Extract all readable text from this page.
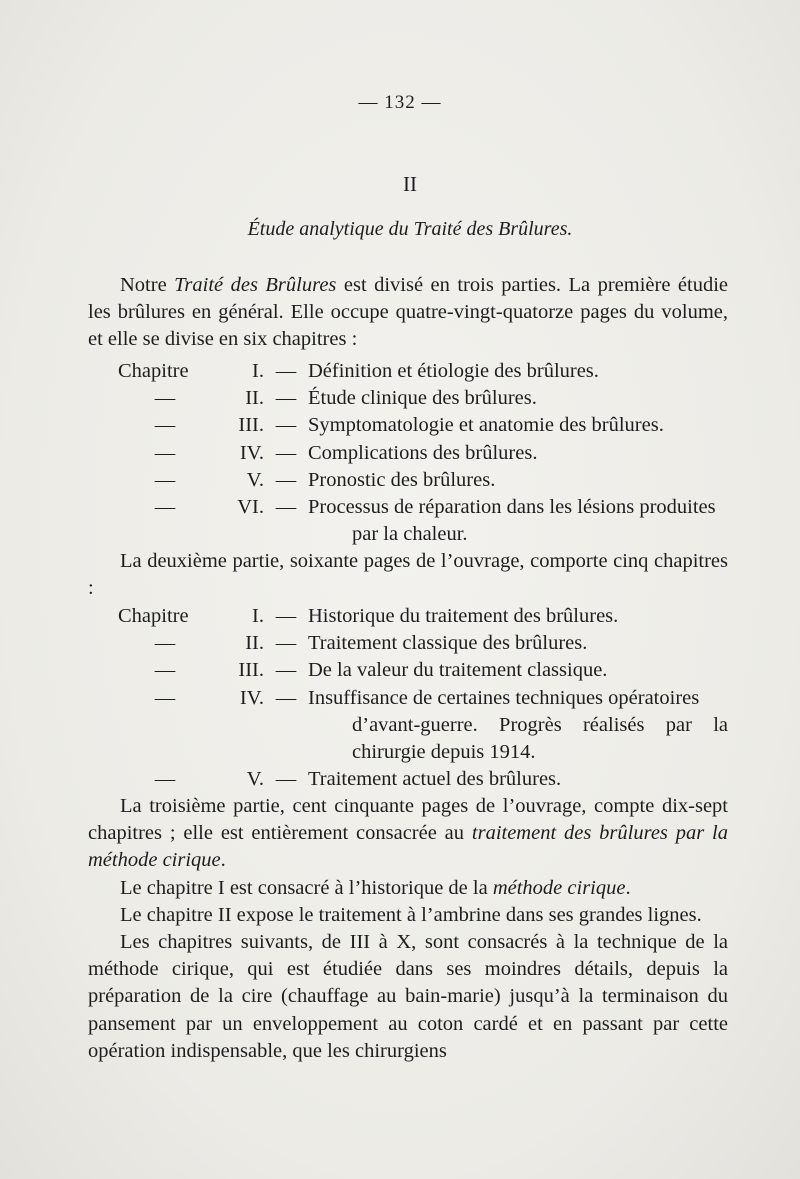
— 132 —
II
Étude analytique du Traité des Brûlures.

Notre Traité des Brûlures est divisé en trois parties. La première étudie les brûlures en général. Elle occupe quatre-vingt-quatorze pages du volume, et elle se divise en six chapitres :

Chapitre	I. — Définition et étiologie des brûlures.
—	II. — Étude clinique des brûlures.
—	III. — Symptomatologie et anatomie des brûlures.
—	IV. — Complications des brûlures.
—	V. — Pronostic des brûlures.
—	VI. — Processus de réparation dans les lésions produites
par la chaleur.

La deuxième partie, soixante pages de l’ouvrage, comporte cinq chapitres :

Chapitre	I. — Historique du traitement des brûlures.
—	II. — Traitement classique des brûlures.
—	III. — De la valeur du traitement classique.
—	IV. — Insuffisance de certaines techniques opératoires
d’avant-guerre. Progrès réalisés par la chirurgie depuis 1914.
—	V. — Traitement actuel des brûlures.

La troisième partie, cent cinquante pages de l’ouvrage, compte dix-sept chapitres ; elle est entièrement consacrée au traitement des brûlures par la méthode cirique.

Le chapitre I est consacré à l’historique de la méthode cirique.

Le chapitre II expose le traitement à l’ambrine dans ses grandes lignes.

Les chapitres suivants, de III à X, sont consacrés à la technique de la méthode cirique, qui est étudiée dans ses moindres détails, depuis la préparation de la cire (chauffage au bain-marie) jusqu’à la terminaison du pansement par un enveloppement au coton cardé et en passant par cette opération indispensable, que les chirurgiens
